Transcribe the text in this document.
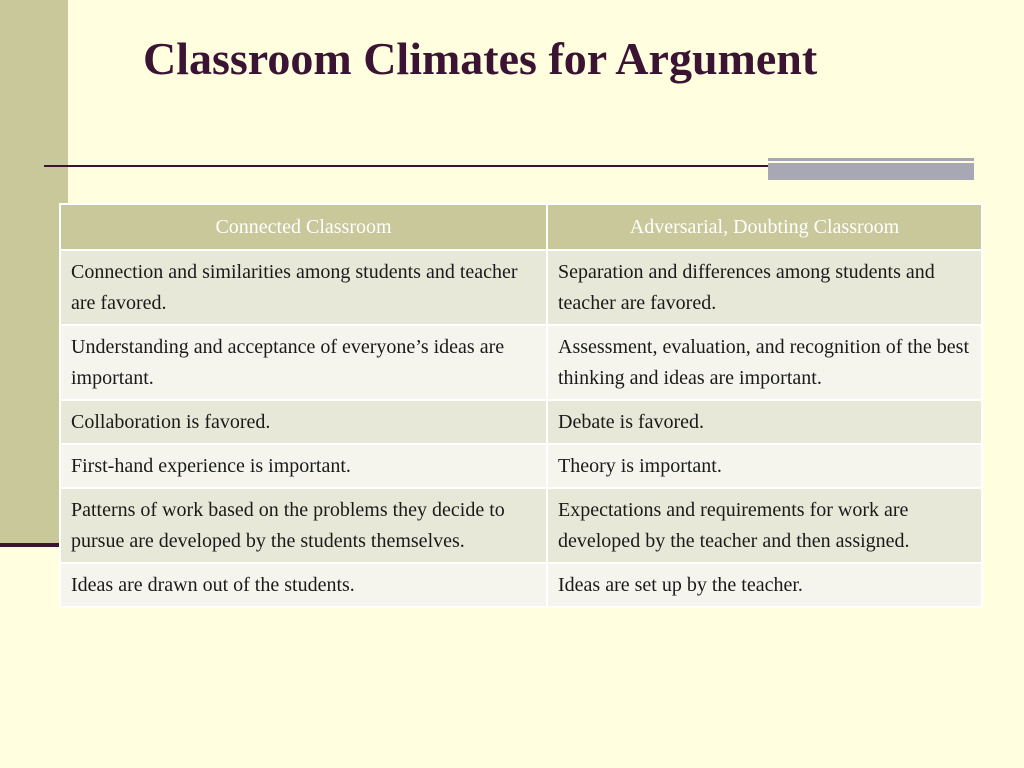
Classroom Climates for Argument
Connected Classroom	Adversarial, Doubting Classroom
Connection and similarities among students and teacher are favored.	Separation and differences among students and teacher are favored.
Understanding and acceptance of everyone’s ideas are important.	Assessment, evaluation, and recognition of the best thinking and ideas are important.
Collaboration is favored.	Debate is favored.
First-hand experience is important.	Theory is important.
Patterns of work based on the problems they decide to pursue are developed by the students themselves.	Expectations and requirements for work are developed by the teacher and then assigned.
Ideas are drawn out of the students.	Ideas are set up by the teacher.
